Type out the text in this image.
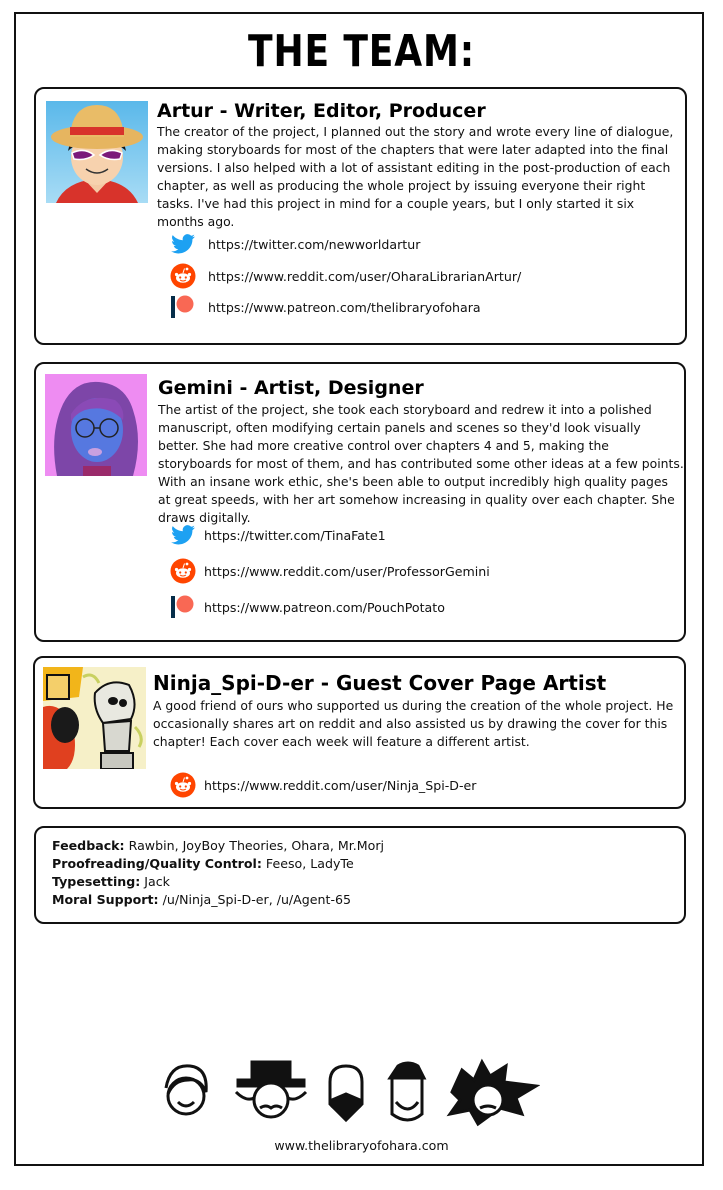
THE TEAM:
Artur - Writer, Editor, Producer
The creator of the project, I planned out the story and wrote every line of dialogue, making storyboards for most of the chapters that were later adapted into the final versions. I also helped with a lot of assistant editing in the post-production of each chapter, as well as producing the whole project by issuing everyone their right tasks. I've had this project in mind for a couple years, but I only started it six months ago.
https://twitter.com/newworldartur
https://www.reddit.com/user/OharaLibrarianArtur/
https://www.patreon.com/thelibraryofohara
Gemini - Artist, Designer
The artist of the project, she took each storyboard and redrew it into a polished manuscript, often modifying certain panels and scenes so they'd look visually better. She had more creative control over chapters 4 and 5, making the storyboards for most of them, and has contributed some other ideas at a few points. With an insane work ethic, she's been able to output incredibly high quality pages at great speeds, with her art somehow increasing in quality over each chapter. She draws digitally.
https://twitter.com/TinaFate1
https://www.reddit.com/user/ProfessorGemini
https://www.patreon.com/PouchPotato
Ninja_Spi-D-er - Guest Cover Page Artist
A good friend of ours who supported us during the creation of the whole project. He occasionally shares art on reddit and also assisted us by drawing the cover for this chapter! Each cover each week will feature a different artist.
https://www.reddit.com/user/Ninja_Spi-D-er
Feedback: Rawbin, JoyBoy Theories, Ohara, Mr.Morj
Proofreading/Quality Control: Feeso, LadyTe
Typesetting: Jack
Moral Support: /u/Ninja_Spi-D-er, /u/Agent-65
www.thelibraryofohara.com
